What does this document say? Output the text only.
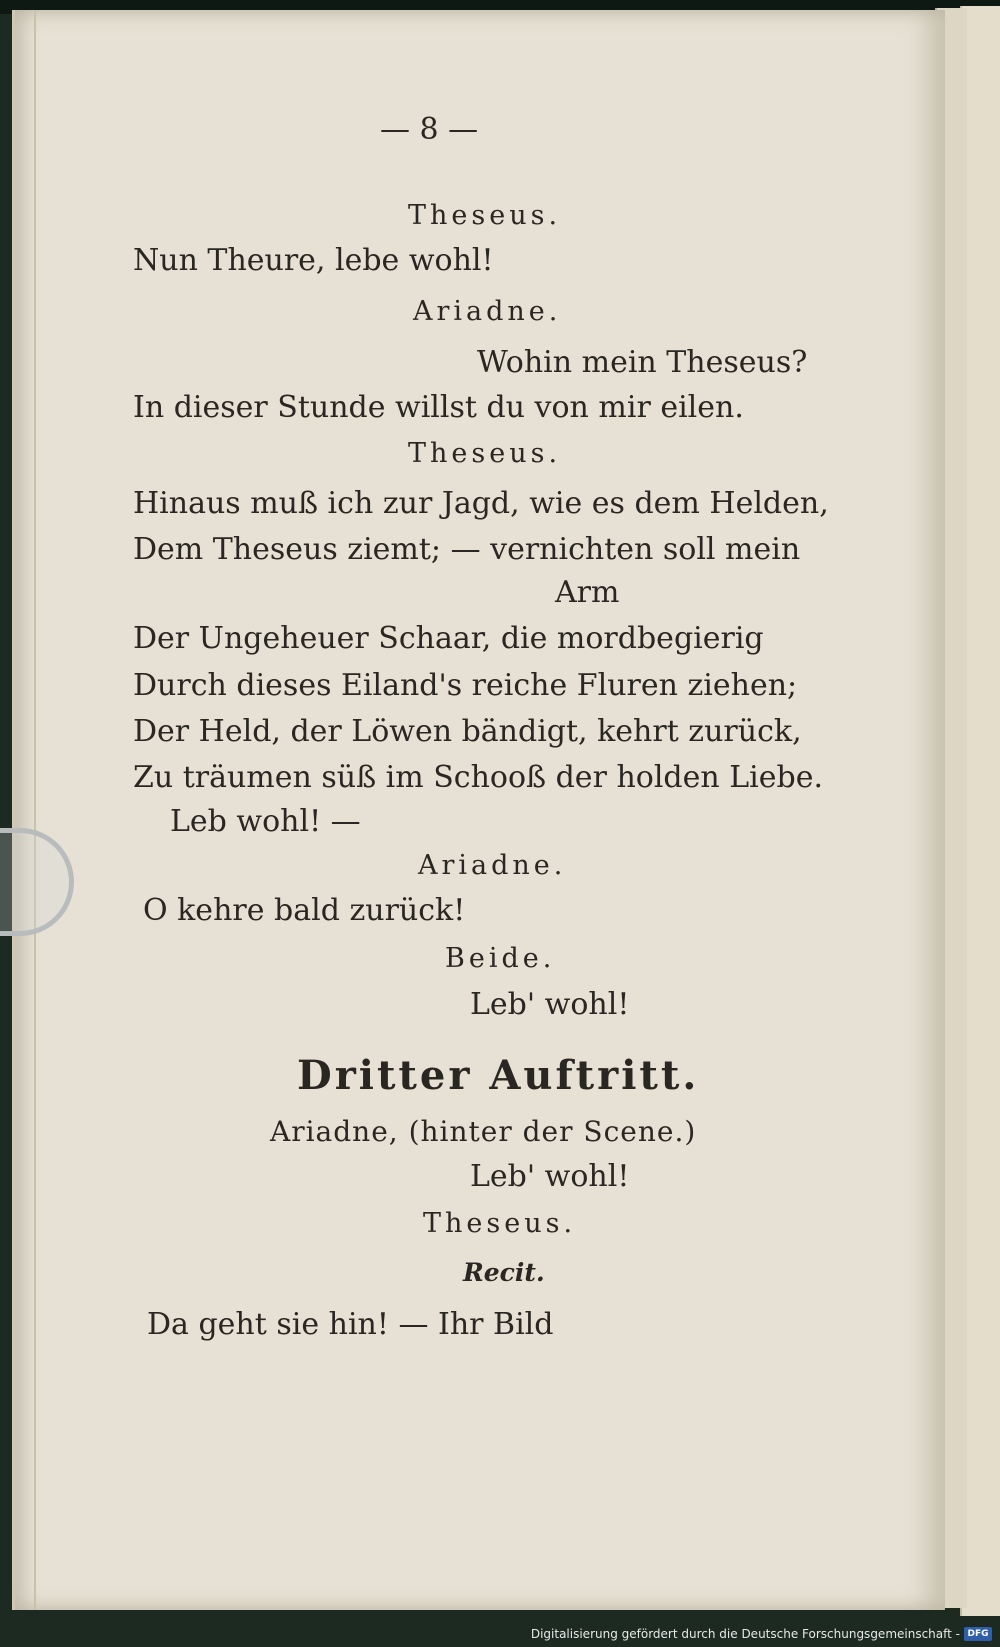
— 8 —
Theseus.
Nun Theure, lebe wohl!
Ariadne.
Wohin mein Theseus?
In dieser Stunde willst du von mir eilen.
Theseus.
Hinaus muß ich zur Jagd, wie es dem Helden,
Dem Theseus ziemt; — vernichten soll mein
Arm
Der Ungeheuer Schaar, die mordbegierig
Durch dieses Eiland's reiche Fluren ziehen;
Der Held, der Löwen bändigt, kehrt zurück,
Zu träumen süß im Schooß der holden Liebe.
Leb wohl! —
Ariadne.
O kehre bald zurück!
Beide.
Leb' wohl!
Dritter Auftritt.
Ariadne, (hinter der Scene.)
Leb' wohl!
Theseus.
Recit.
Da geht sie hin! — Ihr Bild
Digitalisierung gefördert durch die Deutsche Forschungsgemeinschaft - DFG
